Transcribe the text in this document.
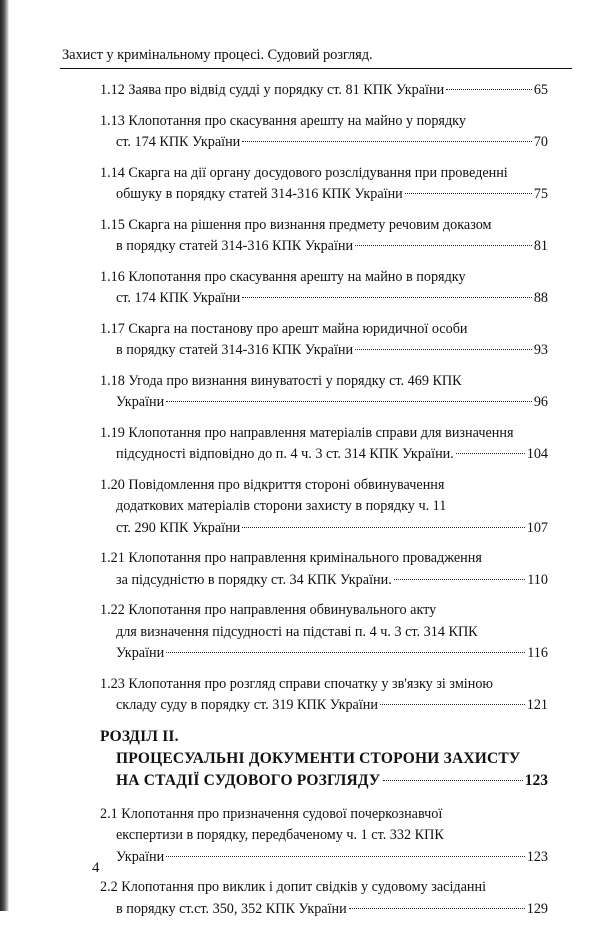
Захист у кримінальному процесі. Судовий розгляд.
1.12 Заява про відвід судді у порядку ст. 81 КПК України	65
1.13 Клопотання про скасування арешту на майно у порядку
ст. 174 КПК України	70
1.14 Скарга на дії органу досудового розслідування при проведенні
обшуку в порядку статей 314-316 КПК України	75
1.15 Скарга на рішення про визнання предмету речовим доказом
в порядку статей 314-316 КПК України	81
1.16 Клопотання про скасування арешту на майно в порядку
ст. 174 КПК України	88
1.17 Скарга на постанову про арешт майна юридичної особи
в порядку статей 314-316 КПК України	93
1.18 Угода про визнання винуватості у порядку ст. 469 КПК
України	96
1.19 Клопотання про направлення матеріалів справи для визначення
підсудності відповідно до п. 4 ч. 3 ст. 314 КПК України.	104
1.20 Повідомлення про відкриття стороні обвинувачення
додаткових матеріалів сторони захисту в порядку ч. 11
ст. 290 КПК України	107
1.21 Клопотання про направлення кримінального провадження
за підсудністю в порядку ст. 34 КПК України.	110
1.22 Клопотання про направлення обвинувального акту
для визначення підсудності на підставі п. 4 ч. 3 ст. 314 КПК
України	116
1.23 Клопотання про розгляд справи спочатку у зв'язку зі зміною
складу суду в порядку ст. 319 КПК України	121
РОЗДІЛ ІІ.
ПРОЦЕСУАЛЬНІ ДОКУМЕНТИ СТОРОНИ ЗАХИСТУ
НА СТАДІЇ СУДОВОГО РОЗГЛЯДУ	123
2.1 Клопотання про призначення судової почеркознавчої
експертизи в порядку, передбаченому ч. 1 ст. 332 КПК
України	123
2.2 Клопотання про виклик і допит свідків у судовому засіданні
в порядку ст.ст. 350, 352 КПК України	129
4
